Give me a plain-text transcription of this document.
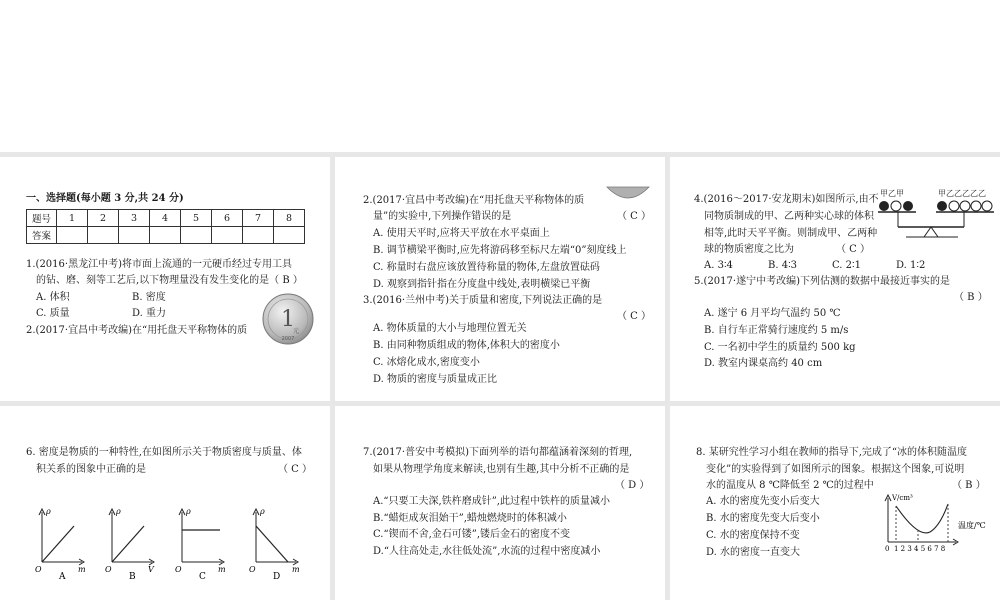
一、选择题(每小题 3 分,共 24 分)
题号	1	2	3	4	5	6	7	8
答案								
1.(2016·黑龙江中考)将市面上流通的一元硬币经过专用工具
的钻、磨、刻等工艺后,以下物理量没有发生变化的是（ B ）
A. 体积	B. 密度
C. 质量	D. 重力
2.(2017·宜昌中考改编)在“用托盘天平称物体的质 1
元
2007
2.(2017·宜昌中考改编)在“用托盘天平称物体的质
量”的实验中,下列操作错误的是	（ C ）
A. 使用天平时,应将天平放在水平桌面上
B. 调节横梁平衡时,应先将游码移至标尺左端“0”刻度线上
C. 称量时右盘应该放置待称量的物体,左盘放置砝码
D. 观察到指针指在分度盘中线处,表明横梁已平衡
3.(2016·兰州中考)关于质量和密度,下列说法正确的是
（ C ）
A. 物体质量的大小与地理位置无关
B. 由同种物质组成的物体,体积大的密度小
C. 冰熔化成水,密度变小
D. 物质的密度与质量成正比
4.(2016～2017·安龙期末)如图所示,由不
同物质制成的甲、乙两种实心球的体积
相等,此时天平平衡。则制成甲、乙两种
球的物质密度之比为	（ C ）
A. 3∶4	B. 4∶3	C. 2∶1	D. 1∶2
甲乙甲	甲乙乙乙乙乙
5.(2017·遂宁中考改编)下列估测的数据中最接近事实的是
（ B ）
A. 遂宁 6 月平均气温约 50 ℃
B. 自行车正常骑行速度约 5 m/s
C. 一名初中学生的质量约 500 kg
D. 教室内课桌高约 40 cm
6. 密度是物质的一种特性,在如图所示关于物质密度与质量、体
积关系的图象中正确的是	（ C ）
ρ
O	m
A
ρ
O	V
B
ρ
O	m
C
ρ
O	m
D
7.(2017·普安中考模拟)下面列举的语句都蕴涵着深刻的哲理,
如果从物理学角度来解读,也别有生趣,其中分析不正确的是
（ D ）
A.“只要工夫深,铁杵磨成针”,此过程中铁杵的质量减小
B.“蜡炬成灰泪始干”,蜡烛燃烧时的体积减小
C.“锲而不舍,金石可镂”,镂后金石的密度不变
D.“人往高处走,水往低处流”,水流的过程中密度减小
8. 某研究性学习小组在教师的指导下,完成了“冰的体积随温度
变化”的实验得到了如图所示的图象。根据这个图象,可说明
水的温度从 8 ℃降低至 2 ℃的过程中	（ B ）
A. 水的密度先变小后变大
B. 水的密度先变大后变小
C. 水的密度保持不变
D. 水的密度一直变大
V/cm³
温度/℃
0 1 2 3 4 5 6 7 8
